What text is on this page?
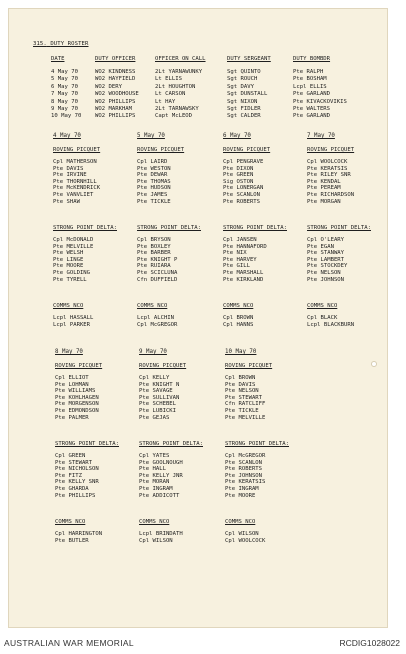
315. DUTY ROSTER
DATE	DUTY OFFICER	OFFICER ON CALL	DUTY SERGEANT	DUTY BOMBDR
4 May 70	WO2 KINDNESS	2Lt YARNAWUNKY	Sgt QUINTO	Pte RALPH
5 May 70	WO2 HAYFIELD	Lt ELLIS	Sgt ROUCH	Pte BOSHAM
6 May 70	WO2 DERY	2Lt HOUGHTON	Sgt DAVY	Lcpl ELLIS
7 May 70	WO2 WOODHOUSE	Lt CARSON	Sgt DUNSTALL	Pte GARLAND
8 May 70	WO2 PHILLIPS	Lt HAY	Sgt NIXON	Pte KIVACKOVIKIS
9 May 70	WO2 MARKHAM	2Lt TARNAWSKY	Sgt FIDLER	Pte WALTERS
10 May 70 WO2 PHILLIPS	Capt McLEOD	Sgt CALDER	Pte GARLAND
4 May 70
ROVING PICQUET
Cpl MATHERSON
Pte DAVIS
Pte IRVINE
Pte THORNHILL
Pte McKENDRICK
Pte VANVLIET
Pte SHAW
STRONG POINT DELTA:
Cpl McDONALD
Pte MELVILLE
Pte WELSH
Pte LINGE
Pte MOORE
Pte GOLDING
Pte TYRELL
COMMS NCO
Lcpl HASSALL
Lcpl PARKER
5 May 70
ROVING PICQUET
Cpl LAIRD
Pte WESTON
Pte DEWAR
Pte THOMAS
Pte HUDSON
Pte JAMES
Pte TICKLE
STRONG POINT DELTA:
Cpl BRYSON
Pte BOXLEY
Pte BARBER
Pte KNIGHT P
Pte RUIARA
Pte SCICLUNA
Cfn DUFFIELD
COMMS NCO
Lcpl ALCHIN
Cpl McGREGOR
6 May 70
ROVING PICQUET
Cpl PENGRAVE
Pte DIXON
Pte GREEN
Sig OSTON
Pte LONERGAN
Pte SCANLON
Pte ROBERTS
STRONG POINT DELTA:
Cpl JANSEN
Pte HANNAFORD
Pte NIX
Pte HARVEY
Pte GILL
Pte MARSHALL
Pte KIRKLAND
COMMS NCO
Cpl BROWN
Cpl HANNS
7 May 70
ROVING PICQUET
Cpl WOOLCOCK
Pte KERATSIS
Pte RILEY SNR
Pte KENDAL
Pte PEREAM
Pte RICHARDSON
Pte MORGAN
STRONG POINT DELTA:
Cpl O'LEARY
Pte EGAN
Pte STANWAY
Pte LAMBERT
Pte STOCKDEY
Pte NELSON
Pte JOHNSON
COMMS NCO
Cpl BLACK
Lcpl BLACKBURN
8 May 70
ROVING PICQUET
Cpl ELLIOT
Pte LOHMAN
Pte WILLIAMS
Pte KOHLHAGEN
Pte MORGENSON
Pte EDMONDSON
Pte PALMER
STRONG POINT DELTA:
Cpl GREEN
Pte STEWART
Pte NICHOLSON
Pte FITZ
Pte KELLY SNR
Pte GHARDA
Pte PHILLIPS
COMMS NCO
Cpl HARRINGTON
Pte BUTLER
9 May 70
ROVING PICQUET
Cpl KELLY
Pte KNIGHT N
Pte SAVAGE
Pte SULLIVAN
Pte SCHEBEL
Pte LUBICKI
Pte GEJAS
STRONG POINT DELTA:
Cpl YATES
Pte GOOLNOUGH
Pte HALL
Pte KELLY JNR
Pte MORAN
Pte INGRAM
Pte ADDICOTT
COMMS NCO
Lcpl BRINDATH
Cpl WILSON
10 May 70
ROVING PICQUET
Cpl BROWN
Pte DAVIS
Pte NELSON
Pte STEWART
Cfn RATCLIFF
Pte TICKLE
Pte MELVILLE
STRONG POINT DELTA:
Cpl McGREGOR
Pte SCANLON
Pte ROBERTS
Pte JOHNSON
Pte KERATSIS
Pte INGRAM
Pte MOORE
COMMS NCO
Cpl WILSON
Cpl WOOLCOCK
AUSTRALIAN WAR MEMORIAL	RCDIG1028022
